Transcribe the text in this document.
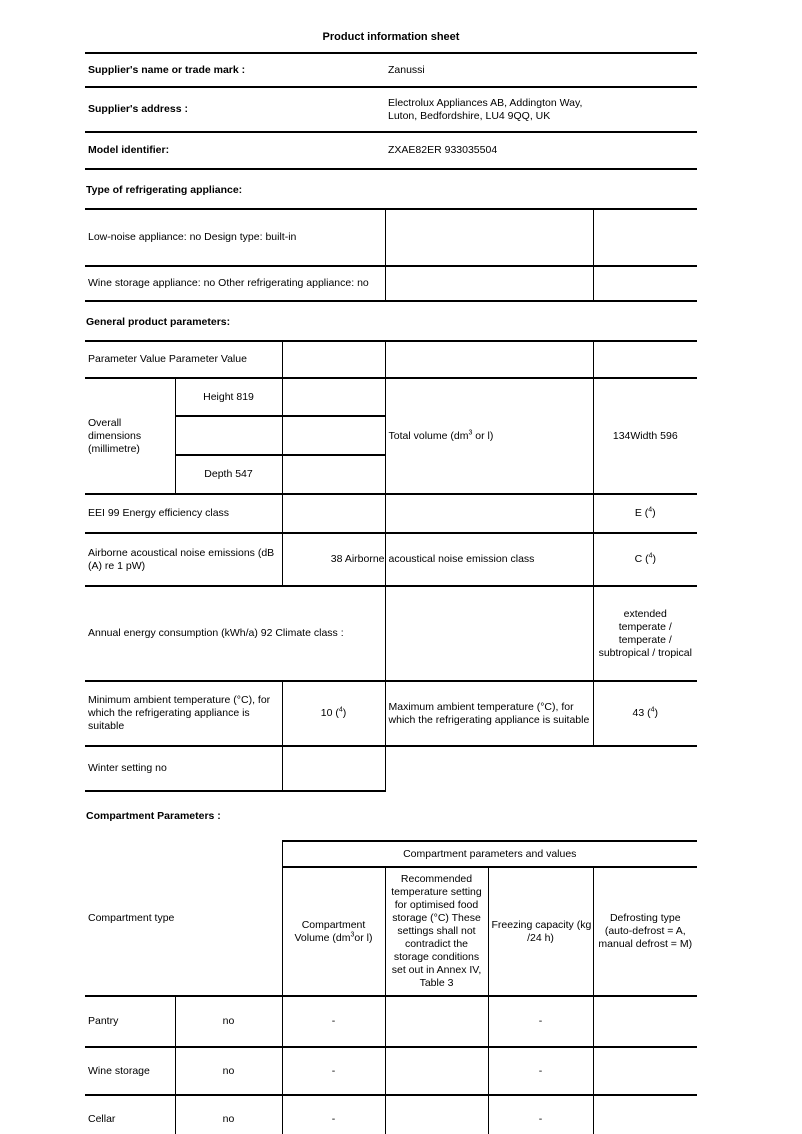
Product information sheet
Supplier's name or trade mark :	Zanussi
Supplier's address :	Electrolux Appliances AB, Addington Way,
Luton, Bedfordshire, LU4 9QQ, UK

Model identifier:	ZXAE82ER 933035504
Type of refrigerating appliance:
Low-noise appliance: no Design type: built-in		
Wine storage appliance: no Other refrigerating appliance: no		
General product parameters:
Parameter Value Parameter Value				
Overall dimensions (millimetre)	Height 819		Total volume (dm$^3$ or l)	134Width 596

	Depth 547			
EEI 99 Energy efficiency class				E ($^4$)
Airborne acoustical noise emissions (dB (A) re 1 pW)		38 Airborne	acoustical noise emission class	C ($^4$)
Annual energy consumption (kWh/a) 92 Climate class :				extended
temperate /
temperate /
subtropical / tropical

Minimum ambient temperature (°C), for which the refrigerating appliance is suitable		10 ($^4$)	Maximum ambient temperature (°C), for which the refrigerating appliance is suitable	43 ($^4$)
Winter setting no				
Compartment Parameters :
Compartment type		Compartment parameters and values			
		Compartment Volume (dm$^3$or l)	Recommended temperature setting for optimised food storage (°C) These settings shall not contradict the storage conditions set out in Annex IV, Table 3	Freezing capacity (kg
/24 h)	Defrosting type
(auto-defrost = A,
manual defrost = M)

Pantry	no	-		-	
Wine storage	no	-		-	
Cellar	no	-		-	
